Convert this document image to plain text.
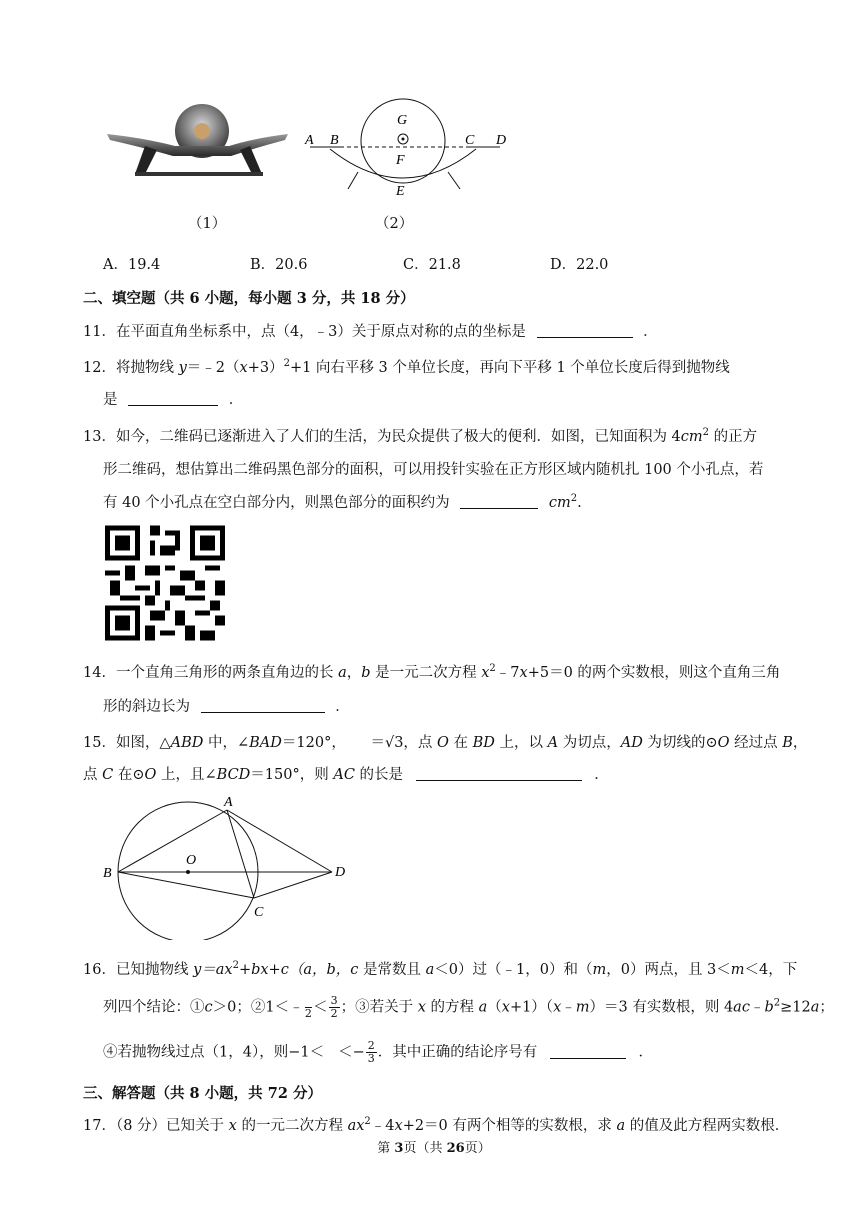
（1）
A B	C D
G
F
E
（2）
A．19.4	B．20.6	C．21.8	D．22.0
二、填空题（共 6 小题，每小题 3 分，共 18 分）
11．在平面直角坐标系中，点（4，﹣3）关于原点对称的点的坐标是	．
12．将抛物线 $y=﹣2(x+3)^2+1$ 向右平移 3 个单位长度，再向下平移 1 个单位长度后得到抛物线
是	．
13．如今，二维码已逐渐进入了人们的生活，为民众提供了极大的便利．如图，已知面积为 $4cm^2$ 的正方
形二维码，想估算出二维码黑色部分的面积，可以用投针实验在正方形区域内随机扎 100 个小孔点，若
有 40 个小孔点在空白部分内，则黑色部分的面积约为	$cm^2$.
14．一个直角三角形的两条直角边的长 a，b 是一元二次方程 $x^2﹣7x+5=0$ 的两个实数根，则这个直角三角
形的斜边长为	．
15．如图，△ABD 中，∠BAD＝120°， ＝√3，点 O 在 BD 上，以 A 为切点，AD 为切线的⊙O 经过点 B，
点 C 在⊙O 上，且∠BCD＝150°，则 AC 的长是	．
A
B
C
D
O
16．已知抛物线 $y=ax^2+bx+c(a$，b，c 是常数且 a＜0）过（﹣1，0）和（m，0）两点，且 3＜m＜4，下
列四个结论：①c＞0；②1＜﹣
$2 < \frac{3}{2}$ ；③若关于 x 的方程 a（x+1）（x﹣m）＝3 有实数根，则 $4ac﹣b^2\ge 12a$；
④若抛物线过点（1，4），则$-1< <- \frac{2}{3}$ ．其中正确的结论序号有	．
三、解答题（共 8 小题，共 72 分）
17．（8 分）已知关于 x 的一元二次方程 $ax^2﹣4x+2=0$ 有两个相等的实数根，求 a 的值及此方程两实数根．
第 3页（共 26页）
